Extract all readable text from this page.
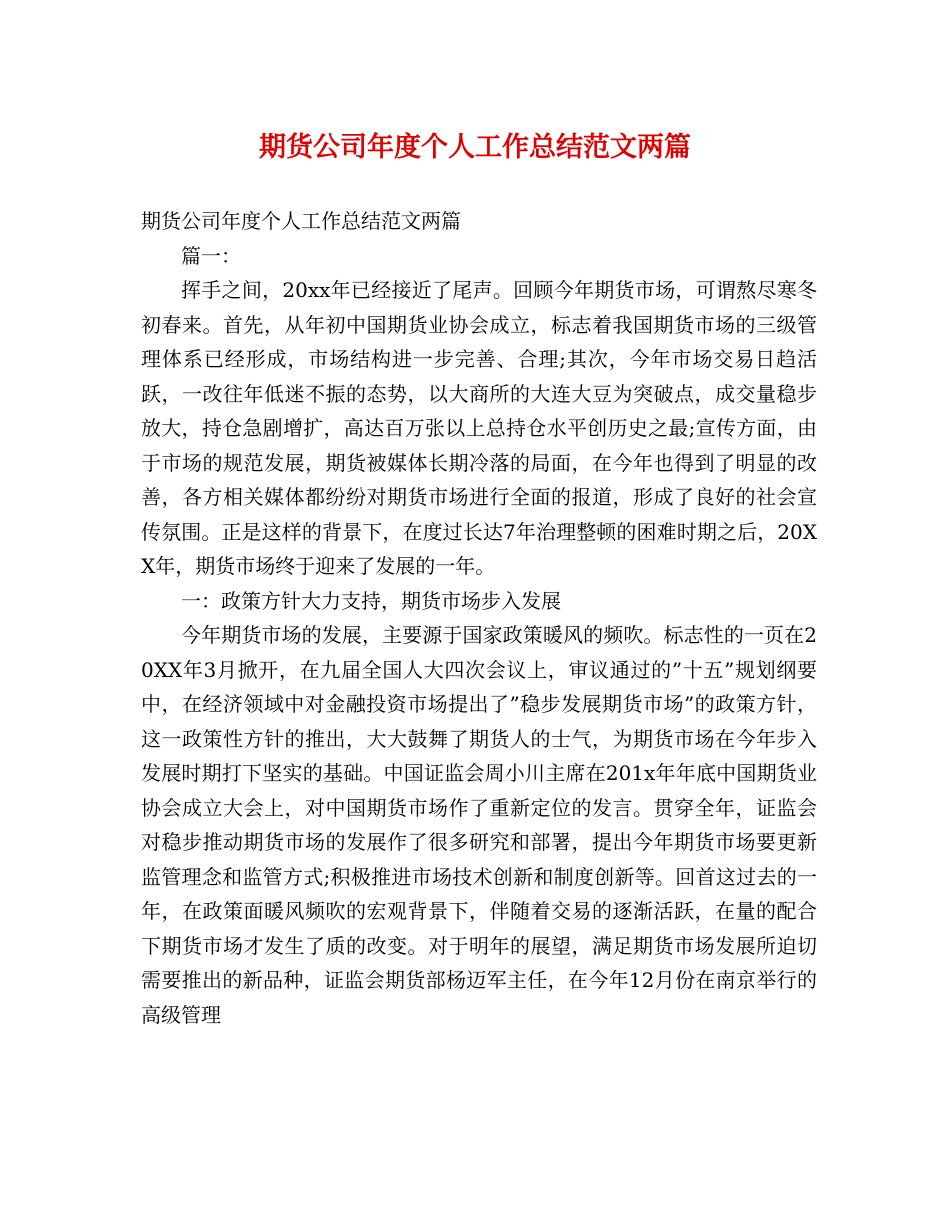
期货公司年度个人工作总结范文两篇

期货公司年度个人工作总结范文两篇

篇一：

挥手之间，20xx年已经接近了尾声。回顾今年期货市场，可谓熬尽寒冬初春来。首先，从年初中国期货业协会成立，标志着我国期货市场的三级管理体系已经形成，市场结构进一步完善、合理;其次，今年市场交易日趋活跃，一改往年低迷不振的态势，以大商所的大连大豆为突破点，成交量稳步放大，持仓急剧增扩，高达百万张以上总持仓水平创历史之最;宣传方面，由于市场的规范发展，期货被媒体长期冷落的局面，在今年也得到了明显的改善，各方相关媒体都纷纷对期货市场进行全面的报道，形成了良好的社会宣传氛围。正是这样的背景下，在度过长达7年治理整顿的困难时期之后，20XX年，期货市场终于迎来了发展的一年。

一：政策方针大力支持，期货市场步入发展

今年期货市场的发展，主要源于国家政策暖风的频吹。标志性的一页在20XX年3月掀开，在九届全国人大四次会议上，审议通过的”十五”规划纲要中，在经济领域中对金融投资市场提出了”稳步发展期货市场”的政策方针，这一政策性方针的推出，大大鼓舞了期货人的士气，为期货市场在今年步入发展时期打下坚实的基础。中国证监会周小川主席在201x年年底中国期货业协会成立大会上，对中国期货市场作了重新定位的发言。贯穿全年，证监会对稳步推动期货市场的发展作了很多研究和部署，提出今年期货市场要更新监管理念和监管方式;积极推进市场技术创新和制度创新等。回首这过去的一年，在政策面暖风频吹的宏观背景下，伴随着交易的逐渐活跃，在量的配合下期货市场才发生了质的改变。对于明年的展望，满足期货市场发展所迫切需要推出的新品种，证监会期货部杨迈军主任，在今年12月份在南京举行的高级管理
